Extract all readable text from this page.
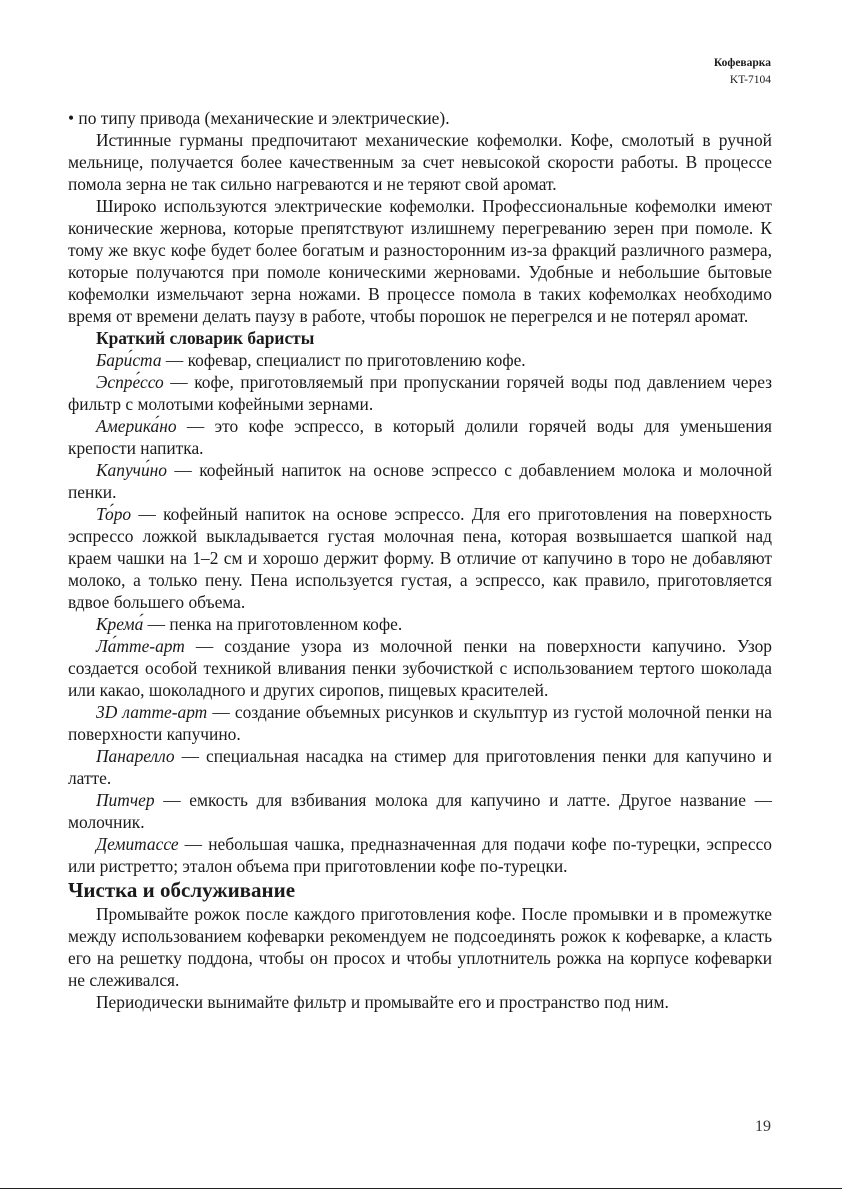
Кофеварка
KT-7104

• по типу привода (механические и электрические).

Истинные гурманы предпочитают механические кофемолки. Кофе, смолотый в ручной мельнице, получается более качественным за счет невысокой скорости работы. В процессе помола зерна не так сильно нагреваются и не теряют свой аромат.

Широко используются электрические кофемолки. Профессиональные кофемолки имеют конические жернова, которые препятствуют излишнему перегреванию зерен при помоле. К тому же вкус кофе будет более богатым и разносторонним из-за фракций различного размера, которые получаются при помоле коническими жерновами. Удобные и небольшие бытовые кофемолки измельчают зерна ножами. В процессе помола в таких кофемолках необходимо время от времени делать паузу в работе, чтобы порошок не перегрелся и не потерял аромат.

Краткий словарик баристы

Бари́ста — кофевар, специалист по приготовлению кофе.

Эспре́ссо — кофе, приготовляемый при пропускании горячей воды под давлением через фильтр с молотыми кофейными зернами.

Америка́но — это кофе эспрессо, в который долили горячей воды для уменьшения крепости напитка.

Капучи́но — кофейный напиток на основе эспрессо с добавлением молока и молочной пенки.

То́ро — кофейный напиток на основе эспрессо. Для его приготовления на поверхность эспрессо ложкой выкладывается густая молочная пена, которая возвышается шапкой над краем чашки на 1–2 см и хорошо держит форму. В отличие от капучино в торо не добавляют молоко, а только пену. Пена используется густая, а эспрессо, как правило, приготовляется вдвое большего объема.

Крема́ — пенка на приготовленном кофе.

Ла́тте-арт — создание узора из молочной пенки на поверхности капучино. Узор создается особой техникой вливания пенки зубочисткой с использованием тертого шоколада или какао, шоколадного и других сиропов, пищевых красителей.

3D латте-арт — создание объемных рисунков и скульптур из густой молочной пенки на поверхности капучино.

Панарелло — специальная насадка на стимер для приготовления пенки для капучино и латте.

Питчер — емкость для взбивания молока для капучино и латте. Другое название — молочник.

Демитассе — небольшая чашка, предназначенная для подачи кофе по-турецки, эспрессо или ристретто; эталон объема при приготовлении кофе по-турецки.

Чистка и обслуживание

Промывайте рожок после каждого приготовления кофе. После промывки и в промежутке между использованием кофеварки рекомендуем не подсоединять рожок к кофеварке, а класть его на решетку поддона, чтобы он просох и чтобы уплотнитель рожка на корпусе кофеварки не слеживался.

Периодически вынимайте фильтр и промывайте его и пространство под ним.

19
